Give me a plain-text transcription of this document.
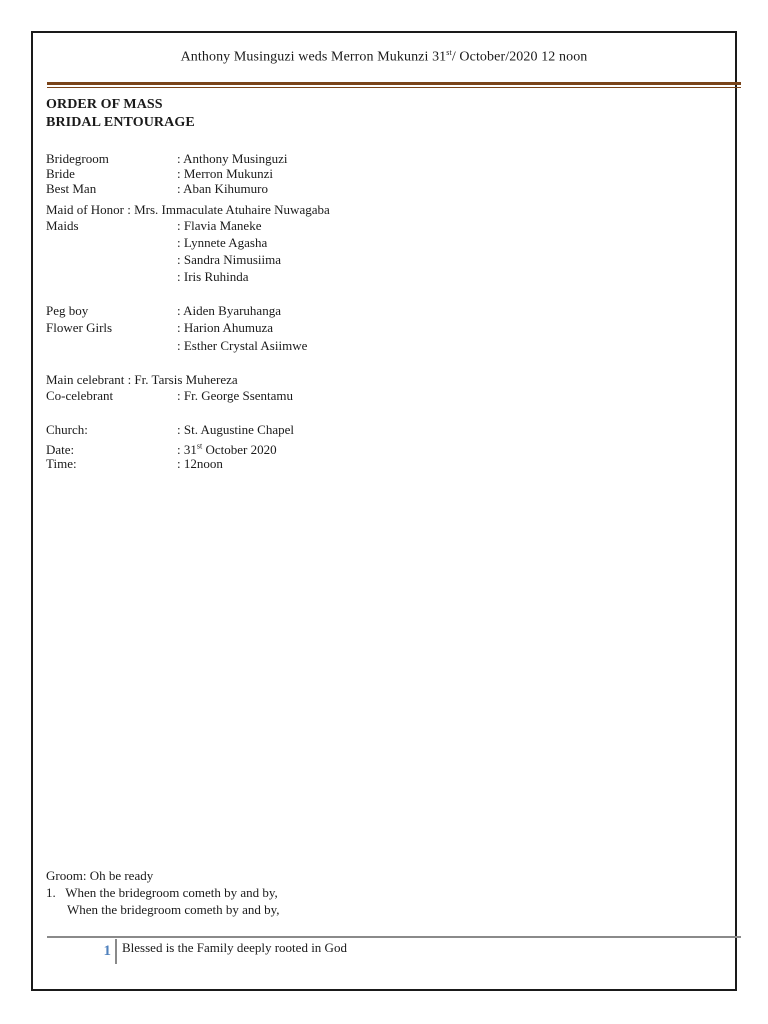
Anthony Musinguzi weds Merron Mukunzi 31st/ October/2020 12 noon
ORDER OF MASS
BRIDAL ENTOURAGE
Bridegroom	: Anthony Musinguzi
Bride	: Merron Mukunzi
Best Man	: Aban Kihumuro
Maid of Honor : Mrs. Immaculate Atuhaire Nuwagaba
Maids	: Flavia Maneke
: Lynnete Agasha
: Sandra Nimusiima
: Iris Ruhinda
Peg boy	: Aiden Byaruhanga
Flower Girls	: Harion Ahumuza
: Esther Crystal Asiimwe
Main celebrant : Fr. Tarsis Muhereza
Co-celebrant	: Fr. George Ssentamu
Church:	: St. Augustine Chapel
Date:	: 31st October 2020
Time:	: 12noon
Groom: Oh be ready
1.   When the bridegroom cometh by and by,
When the bridegroom cometh by and by,
1 Blessed is the Family deeply rooted in God
